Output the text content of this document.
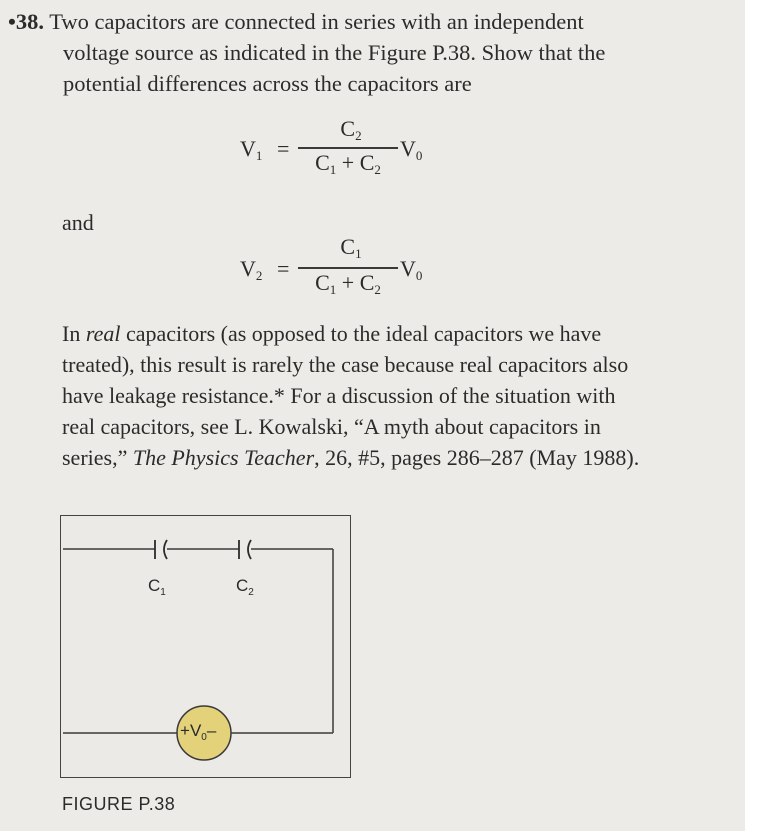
•38. Two capacitors are connected in series with an independent
voltage source as indicated in the Figure P.38. Show that the
potential differences across the capacitors are
$V_1$ =
$C_2$
$C_1 + C_2$
$V_0$
and
$V_2$ =
$C_1$
$C_1 + C_2$
$V_0$
In real capacitors (as opposed to the ideal capacitors we have
treated), this result is rarely the case because real capacitors also
have leakage resistance.* For a discussion of the situation with
real capacitors, see L. Kowalski, “A myth about capacitors in
series,” The Physics Teacher, 26, #5, pages 286–287 (May 1988).
$C_1$	$C_2$
$+V_0-$
FIGURE P.38
